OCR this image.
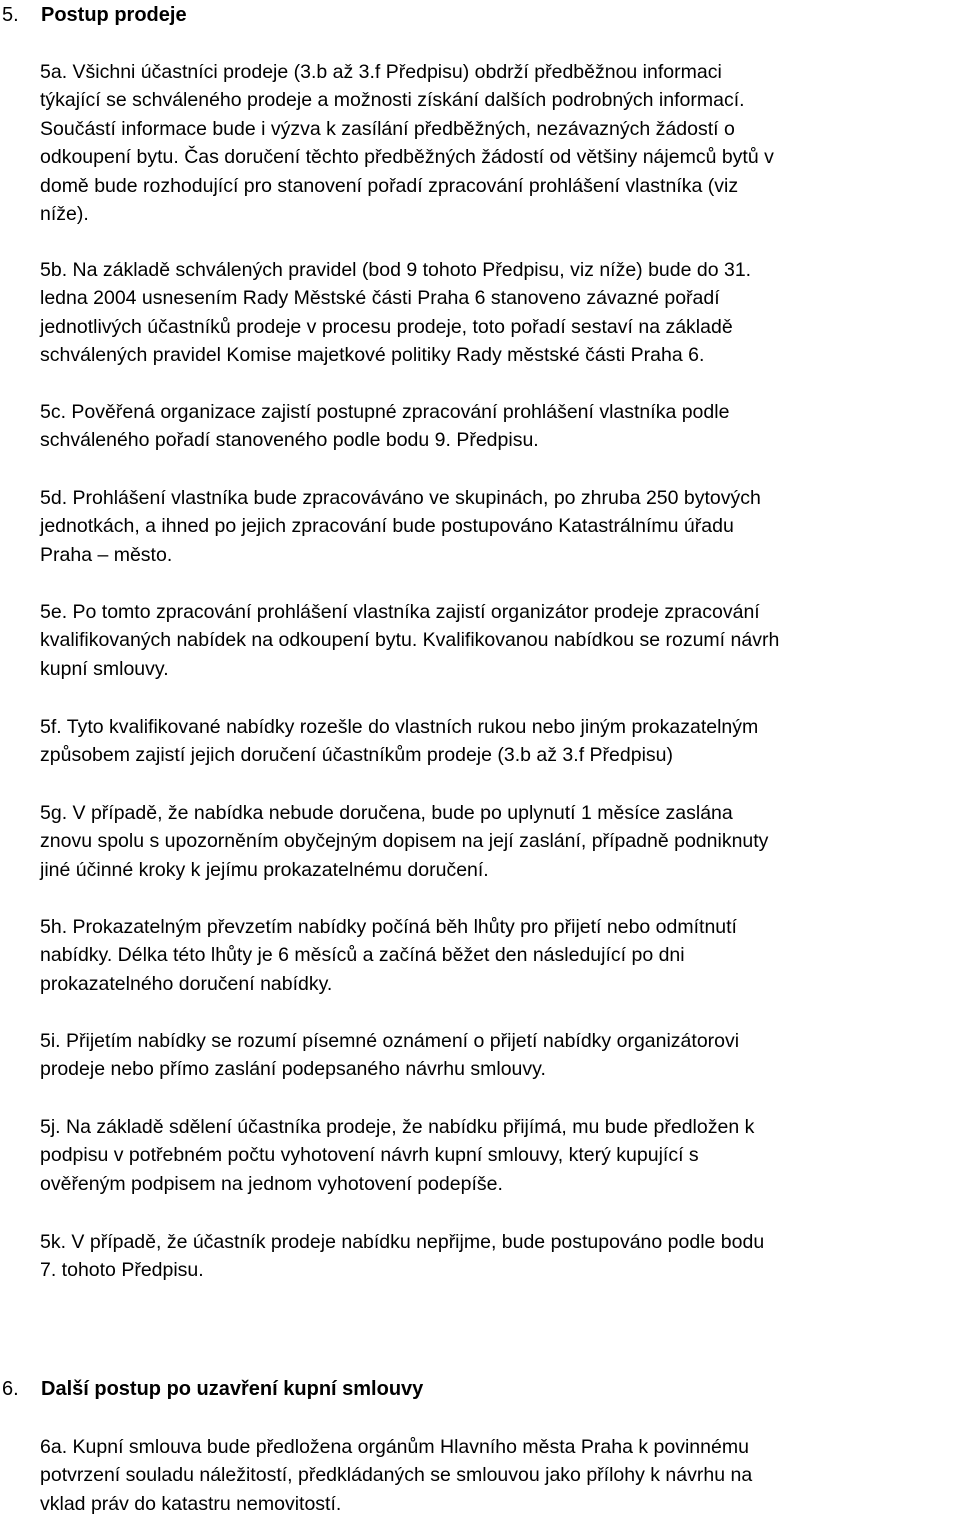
5. Postup prodeje

5a. Všichni účastníci prodeje (3.b až 3.f Předpisu) obdrží předběžnou informaci
týkající se schváleného prodeje a možnosti získání dalších podrobných informací.
Součástí informace bude i výzva k zasílání předběžných, nezávazných žádostí o
odkoupení bytu. Čas doručení těchto předběžných žádostí od většiny nájemců bytů v
domě bude rozhodující pro stanovení pořadí zpracování prohlášení vlastníka (viz
níže).

5b. Na základě schválených pravidel (bod 9 tohoto Předpisu, viz níže) bude do 31.
ledna 2004 usnesením Rady Městské části Praha 6 stanoveno závazné pořadí
jednotlivých účastníků prodeje v procesu prodeje, toto pořadí sestaví na základě
schválených pravidel Komise majetkové politiky Rady městské části Praha 6.

5c. Pověřená organizace zajistí postupné zpracování prohlášení vlastníka podle
schváleného pořadí stanoveného podle bodu 9. Předpisu.

5d. Prohlášení vlastníka bude zpracováváno ve skupinách, po zhruba 250 bytových
jednotkách, a ihned po jejich zpracování bude postupováno Katastrálnímu úřadu
Praha – město.

5e. Po tomto zpracování prohlášení vlastníka zajistí organizátor prodeje zpracování
kvalifikovaných nabídek na odkoupení bytu. Kvalifikovanou nabídkou se rozumí návrh
kupní smlouvy.

5f. Tyto kvalifikované nabídky rozešle do vlastních rukou nebo jiným prokazatelným
způsobem zajistí jejich doručení účastníkům prodeje (3.b až 3.f Předpisu)

5g. V případě, že nabídka nebude doručena, bude po uplynutí 1 měsíce zaslána
znovu spolu s upozorněním obyčejným dopisem na její zaslání, případně podniknuty
jiné účinné kroky k jejímu prokazatelnému doručení.

5h. Prokazatelným převzetím nabídky počíná běh lhůty pro přijetí nebo odmítnutí
nabídky. Délka této lhůty je 6 měsíců a začíná běžet den následující po dni
prokazatelného doručení nabídky.

5i. Přijetím nabídky se rozumí písemné oznámení o přijetí nabídky organizátorovi
prodeje nebo přímo zaslání podepsaného návrhu smlouvy.

5j. Na základě sdělení účastníka prodeje, že nabídku přijímá, mu bude předložen k
podpisu v potřebném počtu vyhotovení návrh kupní smlouvy, který kupující s
ověřeným podpisem na jednom vyhotovení podepíše.

5k. V případě, že účastník prodeje nabídku nepřijme, bude postupováno podle bodu
7. tohoto Předpisu.

6. Další postup po uzavření kupní smlouvy

6a. Kupní smlouva bude předložena orgánům Hlavního města Praha k povinnému
potvrzení souladu náležitostí, předkládaných se smlouvou jako přílohy k návrhu na
vklad práv do katastru nemovitostí.
